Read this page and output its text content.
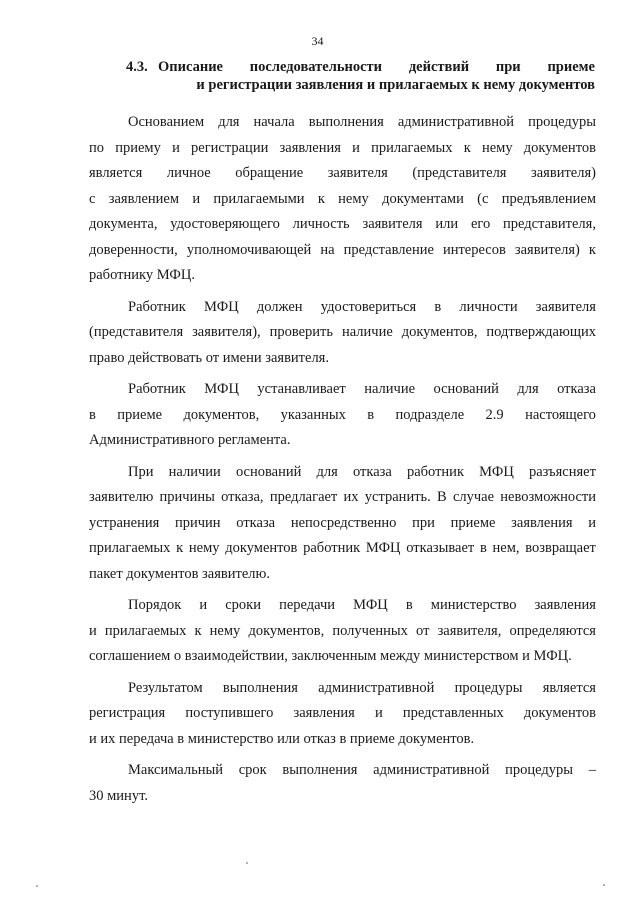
34
4.3. Описание последовательности действий при приеме
и регистрации заявления и прилагаемых к нему документов
Основанием для начала выполнения административной процедуры
по приему и регистрации заявления и прилагаемых к нему документов
является личное обращение заявителя (представителя заявителя)
с заявлением и прилагаемыми к нему документами (с предъявлением
документа, удостоверяющего личность заявителя или его представителя,
доверенности, уполномочивающей на представление интересов заявителя) к
работнику МФЦ.
Работник МФЦ должен удостовериться в личности заявителя
(представителя заявителя), проверить наличие документов, подтверждающих
право действовать от имени заявителя.
Работник МФЦ устанавливает наличие оснований для отказа
в приеме документов, указанных в подразделе 2.9 настоящего
Административного регламента.
При наличии оснований для отказа работник МФЦ разъясняет
заявителю причины отказа, предлагает их устранить. В случае невозможности
устранения причин отказа непосредственно при приеме заявления и
прилагаемых к нему документов работник МФЦ отказывает в нем, возвращает
пакет документов заявителю.
Порядок и сроки передачи МФЦ в министерство заявления
и прилагаемых к нему документов, полученных от заявителя, определяются
соглашением о взаимодействии, заключенным между министерством и МФЦ.
Результатом выполнения административной процедуры является
регистрация поступившего заявления и представленных документов
и их передача в министерство или отказ в приеме документов.
Максимальный срок выполнения административной процедуры –
30 минут.
